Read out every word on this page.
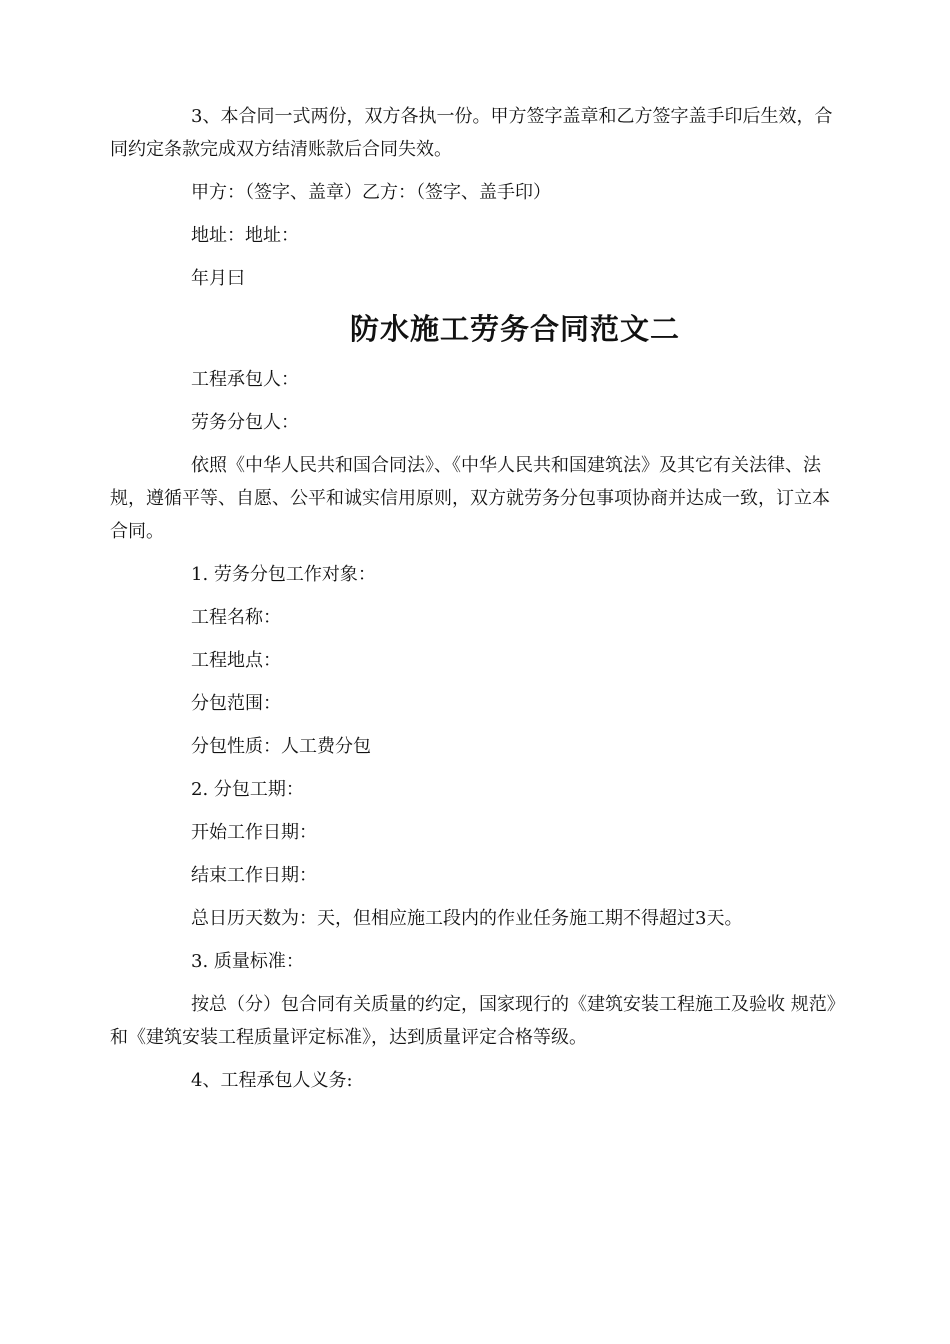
3、本合同一式两份，双方各执一份。甲方签字盖章和乙方签字盖手印后生效，合同约定条款完成双方结清账款后合同失效。

甲方：（签字、盖章）乙方：（签字、盖手印）

地址：地址：

年月曰

防水施工劳务合同范文二

工程承包人：

劳务分包人：

依照《中华人民共和国合同法》、《中华人民共和国建筑法》及其它有关法律、法规，遵循平等、自愿、公平和诚实信用原则，双方就劳务分包事项协商并达成一致，订立本合同。

1. 劳务分包工作对象：

工程名称：

工程地点：

分包范围：

分包性质：人工费分包

2. 分包工期：

开始工作日期：

结束工作日期：

总日历天数为：天，但相应施工段内的作业任务施工期不得超过3天。

3. 质量标准：

按总（分）包合同有关质量的约定，国家现行的《建筑安装工程施工及验收 规范》和《建筑安装工程质量评定标准》，达到质量评定合格等级。

4、工程承包人义务:
